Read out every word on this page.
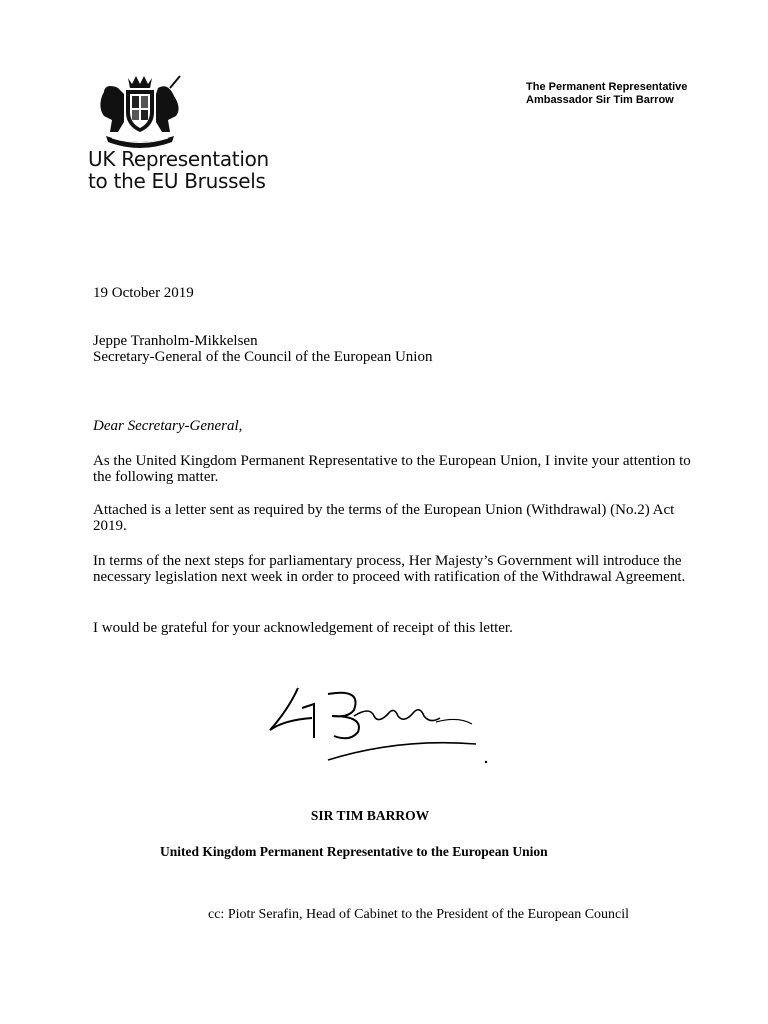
UK Representation
to the EU Brussels
The Permanent Representative
Ambassador Sir Tim Barrow
19 October 2019
Jeppe Tranholm-Mikkelsen
Secretary-General of the Council of the European Union
Dear Secretary-General,
As the United Kingdom Permanent Representative to the European Union, I invite your attention to the following matter.
Attached is a letter sent as required by the terms of the European Union (Withdrawal) (No.2) Act 2019.
In terms of the next steps for parliamentary process, Her Majesty’s Government will introduce the necessary legislation next week in order to proceed with ratification of the Withdrawal Agreement.
I would be grateful for your acknowledgement of receipt of this letter.
SIR TIM BARROW
United Kingdom Permanent Representative to the European Union
cc: Piotr Serafin, Head of Cabinet to the President of the European Council
